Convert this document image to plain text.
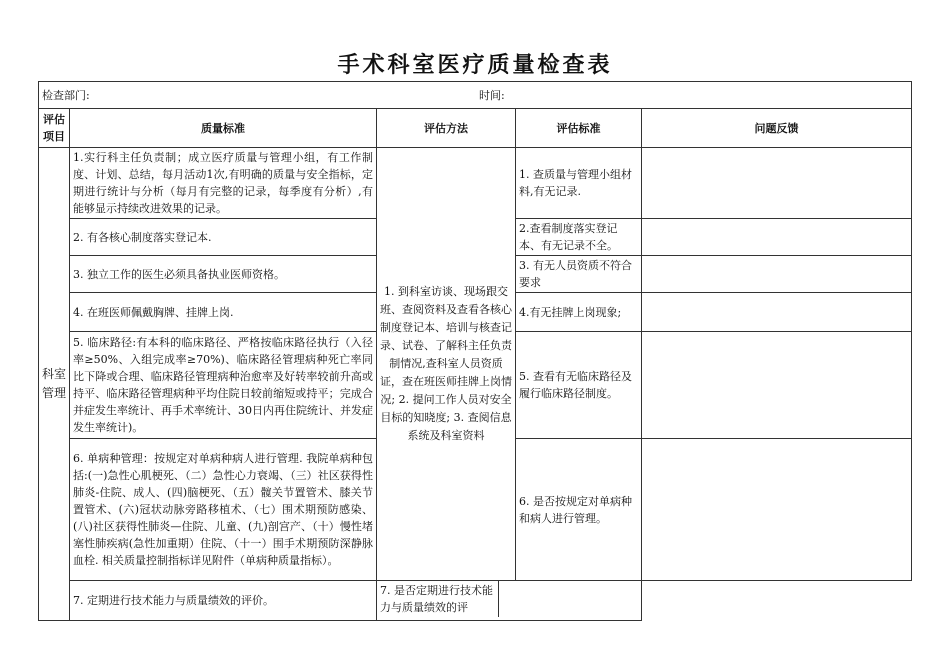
手术科室医疗质量检查表
检查部门: 时间:				

评估项目	质量标准	评估方法	评估标准	问题反馈
科室管理	1.实行科主任负责制；成立医疗质量与管理小组，有工作制度、计划、总结，每月活动1次,有明确的质量与安全指标，定期进行统计与分析（每月有完整的记录，每季度有分析）,有能够显示持续改进效果的记录。	1. 到科室访谈、现场跟交班、查阅资料及查看各核心制度登记本、培训与核查记录、试卷、了解科主任负责制情况,查科室人员资质证，查在班医师挂牌上岗情况; 2. 提问工作人员对安全目标的知晓度; 3. 查阅信息系统及科室资料	1. 查质量与管理小组材料,有无记录.	
	2. 有各核心制度落实登记本.		2.查看制度落实登记本、有无记录不全。	
	3. 独立工作的医生必须具备执业医师资格。		3. 有无人员资质不符合要求	
	4. 在班医师佩戴胸牌、挂牌上岗.		4.有无挂牌上岗现象;	
	5. 临床路径:有本科的临床路径、严格按临床路径执行（入径率≥50%、入组完成率≥70%)、临床路径管理病种死亡率同比下降或合理、临床路径管理病种治愈率及好转率较前升高或持平、临床路径管理病种平均住院日较前缩短或持平；完成合并症发生率统计、再手术率统计、30日内再住院统计、并发症发生率统计)。		5. 查看有无临床路径及履行临床路径制度。	
	6. 单病种管理：按规定对单病种病人进行管理. 我院单病种包括:(一)急性心肌梗死、（二）急性心力衰竭、（三）社区获得性肺炎-住院、成人、(四)脑梗死、（五）髋关节置管术、膝关节置管术、(六)冠状动脉旁路移植术、（七）围术期预防感染、(八)社区获得性肺炎—住院、儿童、(九)剖宫产、（十）慢性堵塞性肺疾病(急性加重期）住院、（十一）围手术期预防深静脉血栓. 相关质量控制指标详见附件（单病种质量指标）。		6. 是否按规定对单病种和病人进行管理。	
	7. 定期进行技术能力与质量绩效的评价。	7. 是否定期进行技术能力与质量绩效的评		
